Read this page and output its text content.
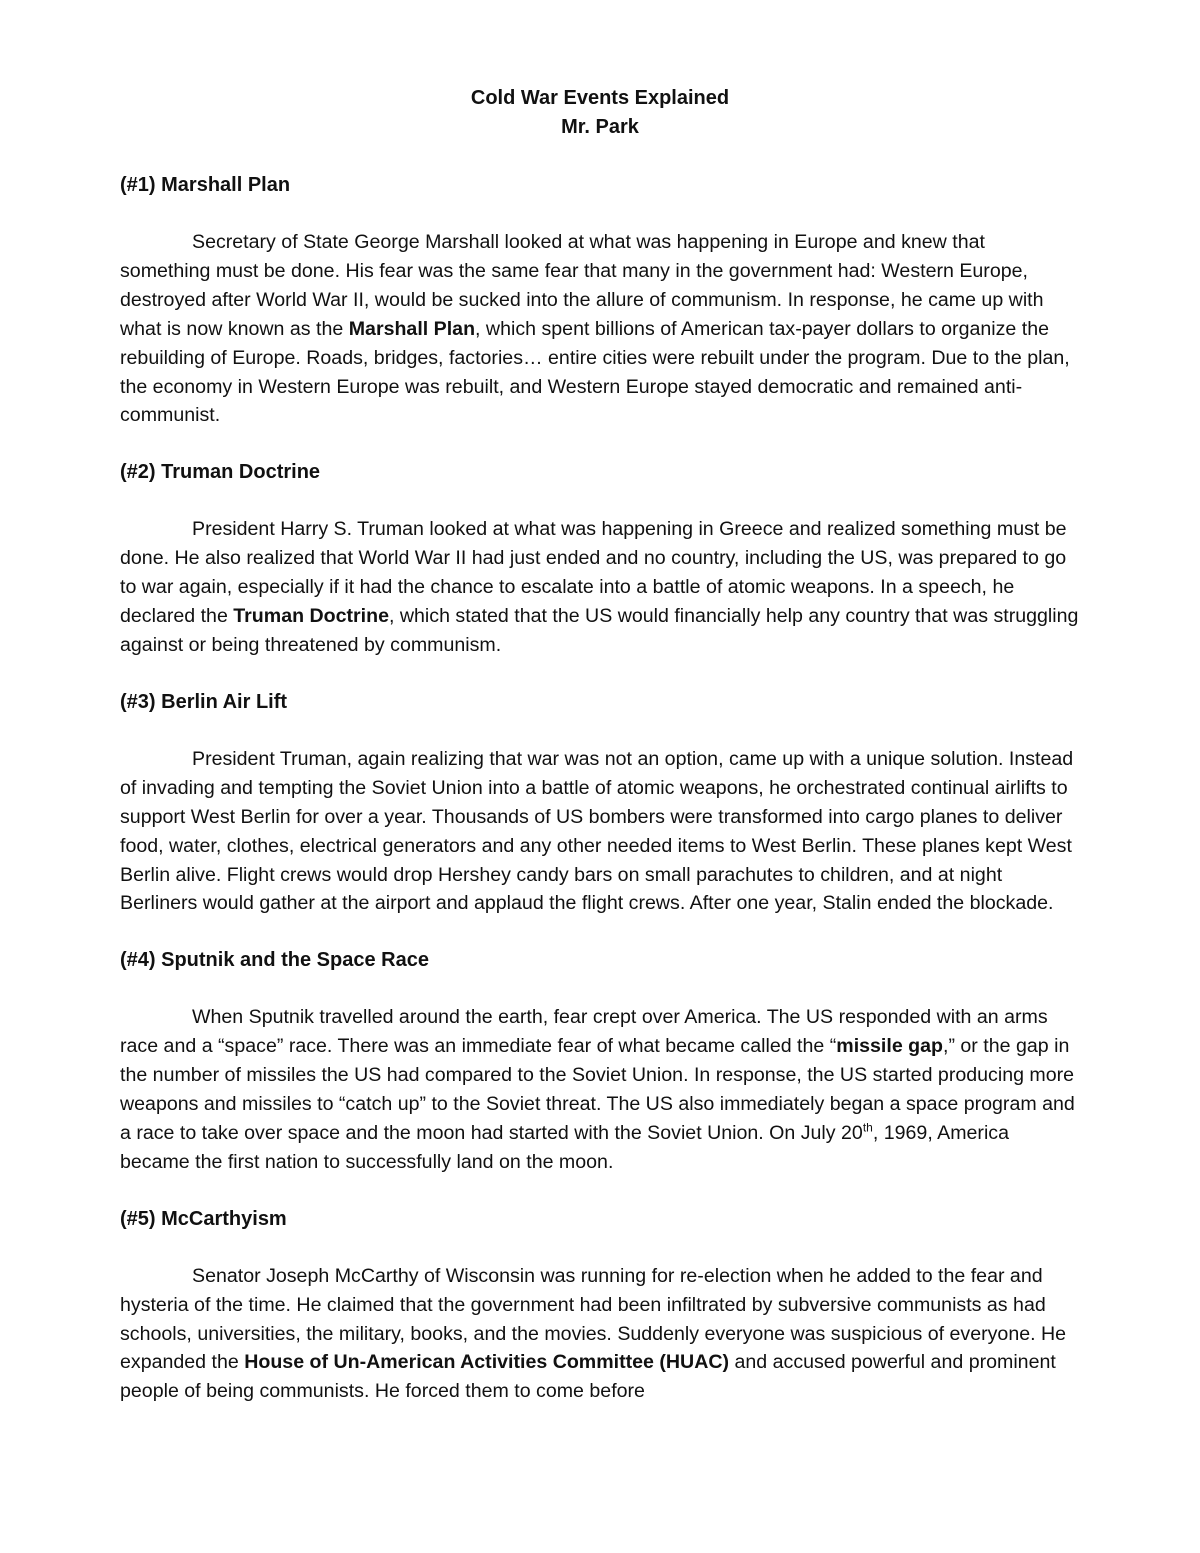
Cold War Events Explained
Mr. Park
(#1) Marshall Plan

Secretary of State George Marshall looked at what was happening in Europe and knew that something must be done. His fear was the same fear that many in the government had: Western Europe, destroyed after World War II, would be sucked into the allure of communism. In response, he came up with what is now known as the Marshall Plan, which spent billions of American tax-payer dollars to organize the rebuilding of Europe. Roads, bridges, factories… entire cities were rebuilt under the program. Due to the plan, the economy in Western Europe was rebuilt, and Western Europe stayed democratic and remained anti-communist.

(#2) Truman Doctrine

President Harry S. Truman looked at what was happening in Greece and realized something must be done. He also realized that World War II had just ended and no country, including the US, was prepared to go to war again, especially if it had the chance to escalate into a battle of atomic weapons. In a speech, he declared the Truman Doctrine, which stated that the US would financially help any country that was struggling against or being threatened by communism.

(#3) Berlin Air Lift

President Truman, again realizing that war was not an option, came up with a unique solution. Instead of invading and tempting the Soviet Union into a battle of atomic weapons, he orchestrated continual airlifts to support West Berlin for over a year. Thousands of US bombers were transformed into cargo planes to deliver food, water, clothes, electrical generators and any other needed items to West Berlin. These planes kept West Berlin alive. Flight crews would drop Hershey candy bars on small parachutes to children, and at night Berliners would gather at the airport and applaud the flight crews. After one year, Stalin ended the blockade.

(#4) Sputnik and the Space Race

When Sputnik travelled around the earth, fear crept over America. The US responded with an arms race and a “space” race. There was an immediate fear of what became called the “missile gap,” or the gap in the number of missiles the US had compared to the Soviet Union. In response, the US started producing more weapons and missiles to “catch up” to the Soviet threat. The US also immediately began a space program and a race to take over space and the moon had started with the Soviet Union. On July 20th, 1969, America became the first nation to successfully land on the moon.

(#5) McCarthyism

Senator Joseph McCarthy of Wisconsin was running for re-election when he added to the fear and hysteria of the time. He claimed that the government had been infiltrated by subversive communists as had schools, universities, the military, books, and the movies. Suddenly everyone was suspicious of everyone. He expanded the House of Un-American Activities Committee (HUAC) and accused powerful and prominent people of being communists. He forced them to come before
